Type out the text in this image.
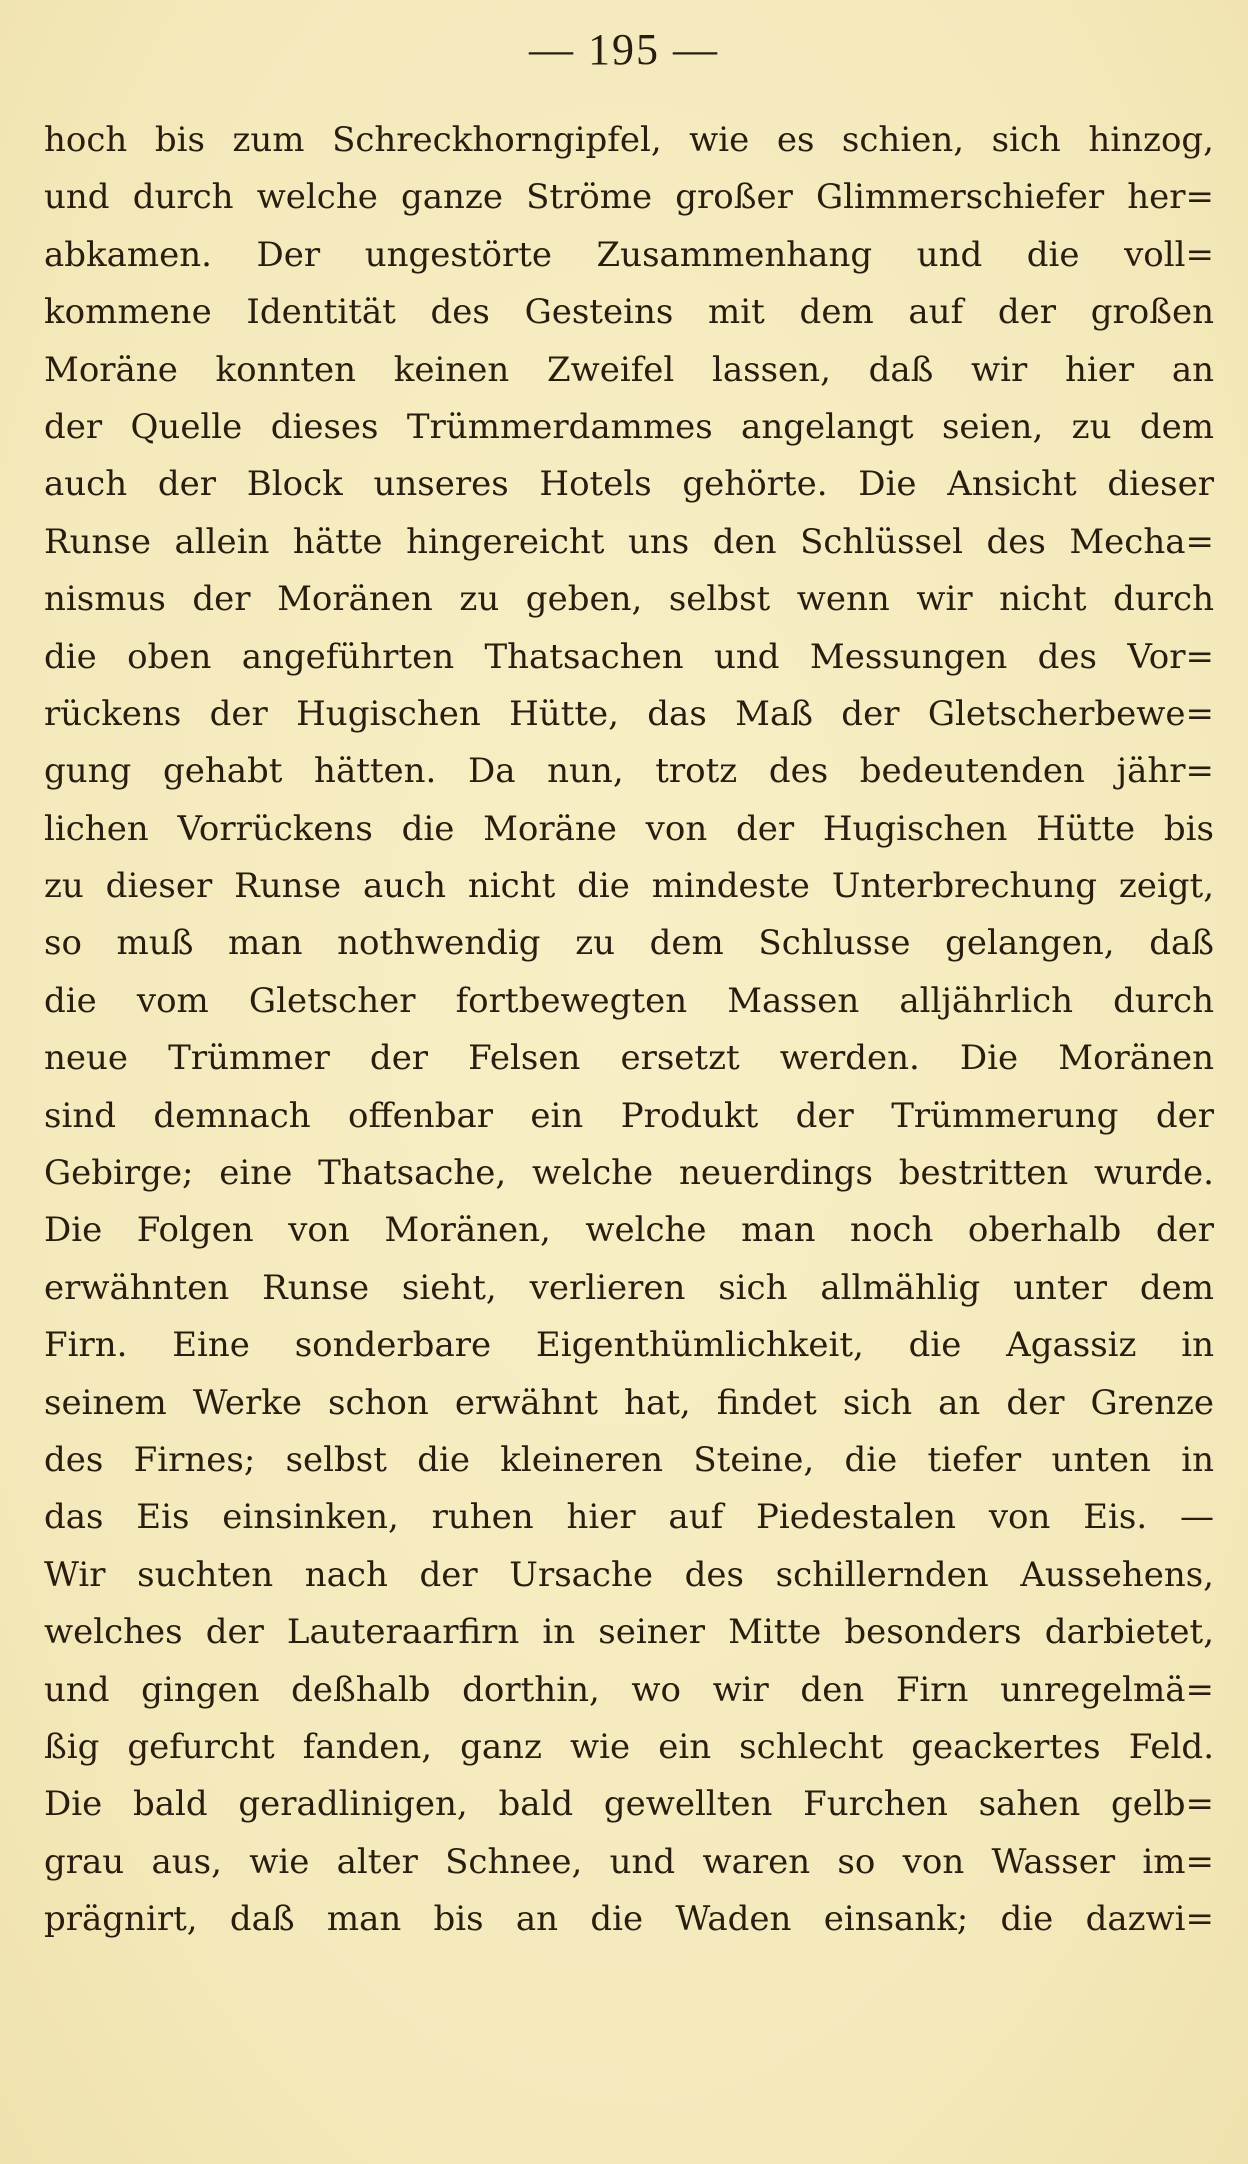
— 195 —
hoch bis zum Schreckhorngipfel, wie es schien, sich hinzog,
und durch welche ganze Ströme großer Glimmerschiefer her=
abkamen. Der ungestörte Zusammenhang und die voll=
kommene Identität des Gesteins mit dem auf der großen
Moräne konnten keinen Zweifel lassen, daß wir hier an
der Quelle dieses Trümmerdammes angelangt seien, zu dem
auch der Block unseres Hotels gehörte. Die Ansicht dieser
Runse allein hätte hingereicht uns den Schlüssel des Mecha=
nismus der Moränen zu geben, selbst wenn wir nicht durch
die oben angeführten Thatsachen und Messungen des Vor=
rückens der Hugischen Hütte, das Maß der Gletscherbewe=
gung gehabt hätten. Da nun, trotz des bedeutenden jähr=
lichen Vorrückens die Moräne von der Hugischen Hütte bis
zu dieser Runse auch nicht die mindeste Unterbrechung zeigt,
so muß man nothwendig zu dem Schlusse gelangen, daß
die vom Gletscher fortbewegten Massen alljährlich durch
neue Trümmer der Felsen ersetzt werden. Die Moränen
sind demnach offenbar ein Produkt der Trümmerung der
Gebirge; eine Thatsache, welche neuerdings bestritten wurde.
Die Folgen von Moränen, welche man noch oberhalb der
erwähnten Runse sieht, verlieren sich allmählig unter dem
Firn. Eine sonderbare Eigenthümlichkeit, die Agassiz in
seinem Werke schon erwähnt hat, findet sich an der Grenze
des Firnes; selbst die kleineren Steine, die tiefer unten in
das Eis einsinken, ruhen hier auf Piedestalen von Eis. —
Wir suchten nach der Ursache des schillernden Aussehens,
welches der Lauteraarfirn in seiner Mitte besonders darbietet,
und gingen deßhalb dorthin, wo wir den Firn unregelmä=
ßig gefurcht fanden, ganz wie ein schlecht geackertes Feld.
Die bald geradlinigen, bald gewellten Furchen sahen gelb=
grau aus, wie alter Schnee, und waren so von Wasser im=
prägnirt, daß man bis an die Waden einsank; die dazwi=
